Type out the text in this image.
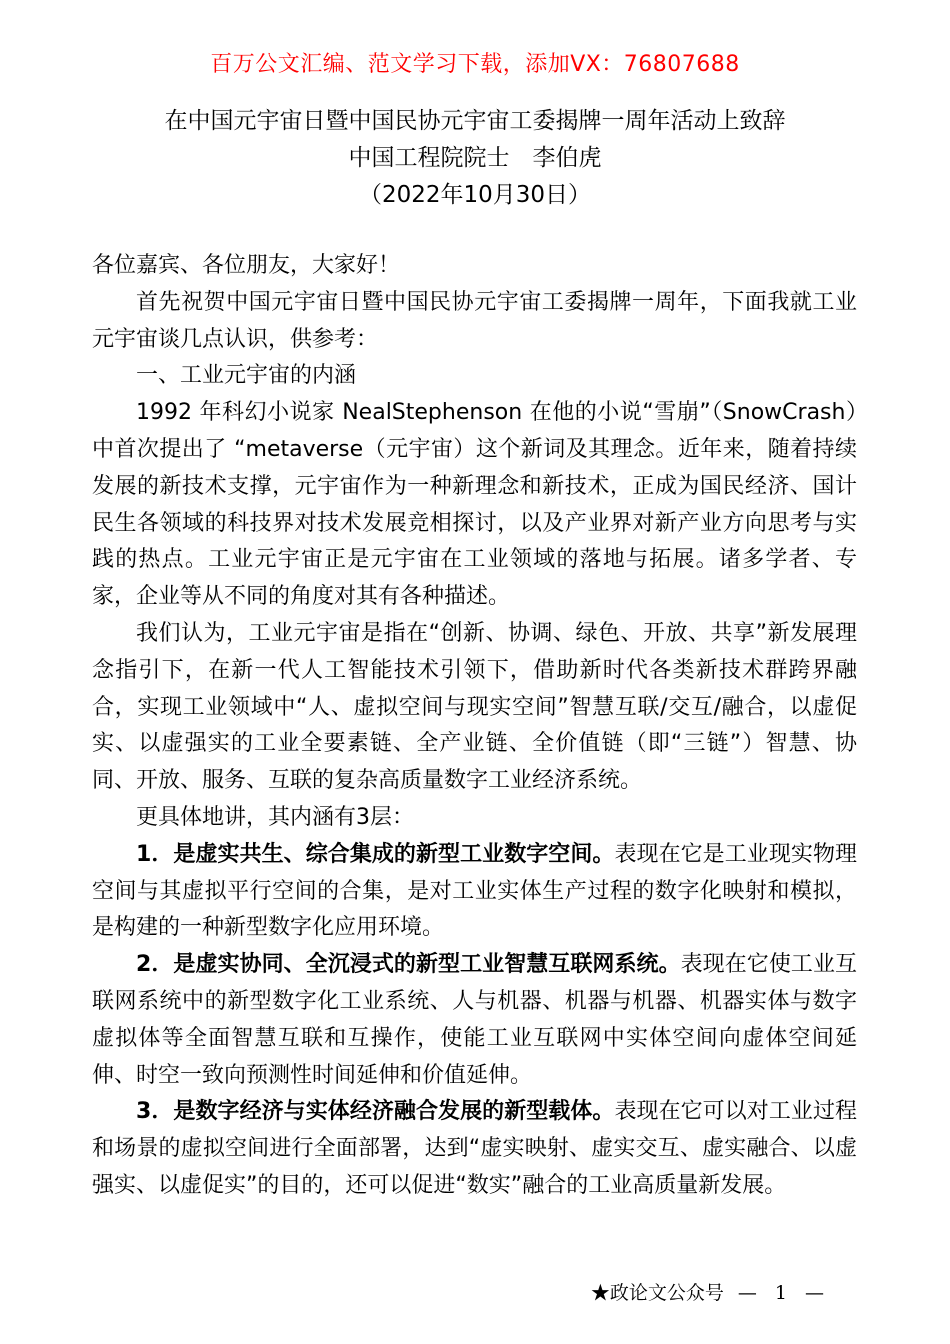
百万公文汇编、范文学习下载，添加VX：76807688
在中国元宇宙日暨中国民协元宇宙工委揭牌一周年活动上致辞
中国工程院院士　李伯虎
（2022年10月30日）

各位嘉宾、各位朋友，大家好！

首先祝贺中国元宇宙日暨中国民协元宇宙工委揭牌一周年，下面我就工业元宇宙谈几点认识，供参考：

一、工业元宇宙的内涵

1992 年科幻小说家 NealStephenson 在他的小说“雪崩”（SnowCrash）中首次提出了 “metaverse（元宇宙）这个新词及其理念。近年来，随着持续发展的新技术支撑，元宇宙作为一种新理念和新技术，正成为国民经济、国计民生各领域的科技界对技术发展竞相探讨，以及产业界对新产业方向思考与实践的热点。工业元宇宙正是元宇宙在工业领域的落地与拓展。诸多学者、专家，企业等从不同的角度对其有各种描述。

我们认为，工业元宇宙是指在“创新、协调、绿色、开放、共享”新发展理念指引下，在新一代人工智能技术引领下，借助新时代各类新技术群跨界融合，实现工业领域中“人、虚拟空间与现实空间”智慧互联/交互/融合，以虚促实、以虚强实的工业全要素链、全产业链、全价值链（即“三链”）智慧、协同、开放、服务、互联的复杂高质量数字工业经济系统。

更具体地讲，其内涵有3层：

1．是虚实共生、综合集成的新型工业数字空间。表现在它是工业现实物理空间与其虚拟平行空间的合集，是对工业实体生产过程的数字化映射和模拟，是构建的一种新型数字化应用环境。

2．是虚实协同、全沉浸式的新型工业智慧互联网系统。表现在它使工业互联网系统中的新型数字化工业系统、人与机器、机器与机器、机器实体与数字虚拟体等全面智慧互联和互操作，使能工业互联网中实体空间向虚体空间延伸、时空一致向预测性时间延伸和价值延伸。

3．是数字经济与实体经济融合发展的新型载体。表现在它可以对工业过程和场景的虚拟空间进行全面部署，达到“虚实映射、虚实交互、虚实融合、以虚强实、以虚促实”的目的，还可以促进“数实”融合的工业高质量新发展。

★政论文公众号 — 1 —
